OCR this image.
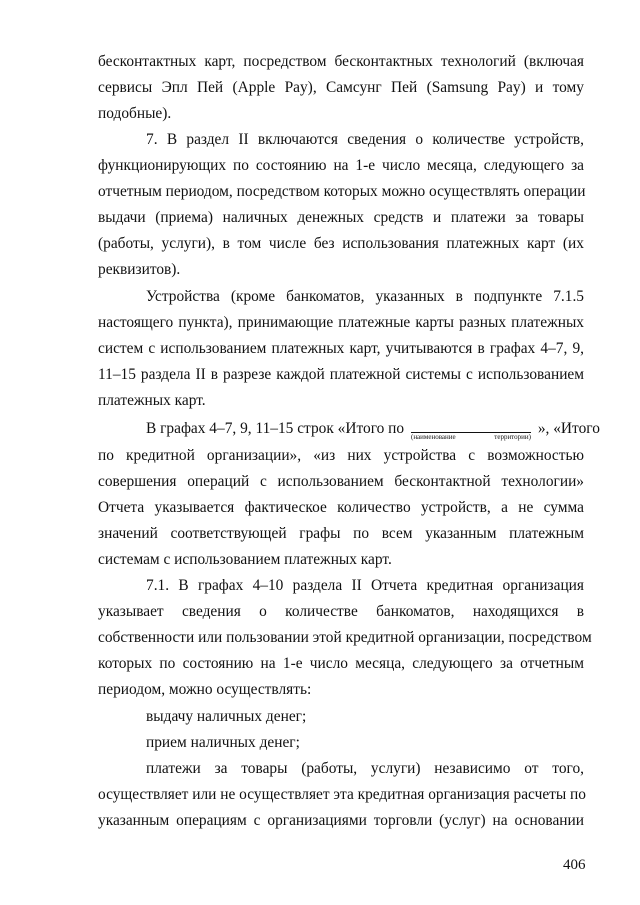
бесконтактных карт, посредством бесконтактных технологий (включая
сервисы Эпл Пей (Apple Pay), Самсунг Пей (Samsung Pay) и тому
подобные).
7. В раздел II включаются сведения о количестве устройств,
функционирующих по состоянию на 1-е число месяца, следующего за
отчетным периодом, посредством которых можно осуществлять операции
выдачи (приема) наличных денежных средств и платежи за товары
(работы, услуги), в том числе без использования платежных карт (их
реквизитов).
Устройства (кроме банкоматов, указанных в подпункте 7.1.5
настоящего пункта), принимающие платежные карты разных платежных
систем с использованием платежных карт, учитываются в графах 4–7, 9,
11–15 раздела II в разрезе каждой платежной системы с использованием
платежных карт.
В графах 4–7, 9, 11–15 строк «Итого по (наименование территории) », «Итого
по кредитной организации», «из них устройства с возможностью
совершения операций с использованием бесконтактной технологии»
Отчета указывается фактическое количество устройств, а не сумма
значений соответствующей графы по всем указанным платежным
системам с использованием платежных карт.
7.1. В графах 4–10 раздела II Отчета кредитная организация
указывает сведения о количестве банкоматов, находящихся в
собственности или пользовании этой кредитной организации, посредством
которых по состоянию на 1-е число месяца, следующего за отчетным
периодом, можно осуществлять:
выдачу наличных денег;
прием наличных денег;
платежи за товары (работы, услуги) независимо от того,
осуществляет или не осуществляет эта кредитная организация расчеты по
указанным операциям с организациями торговли (услуг) на основании
406
